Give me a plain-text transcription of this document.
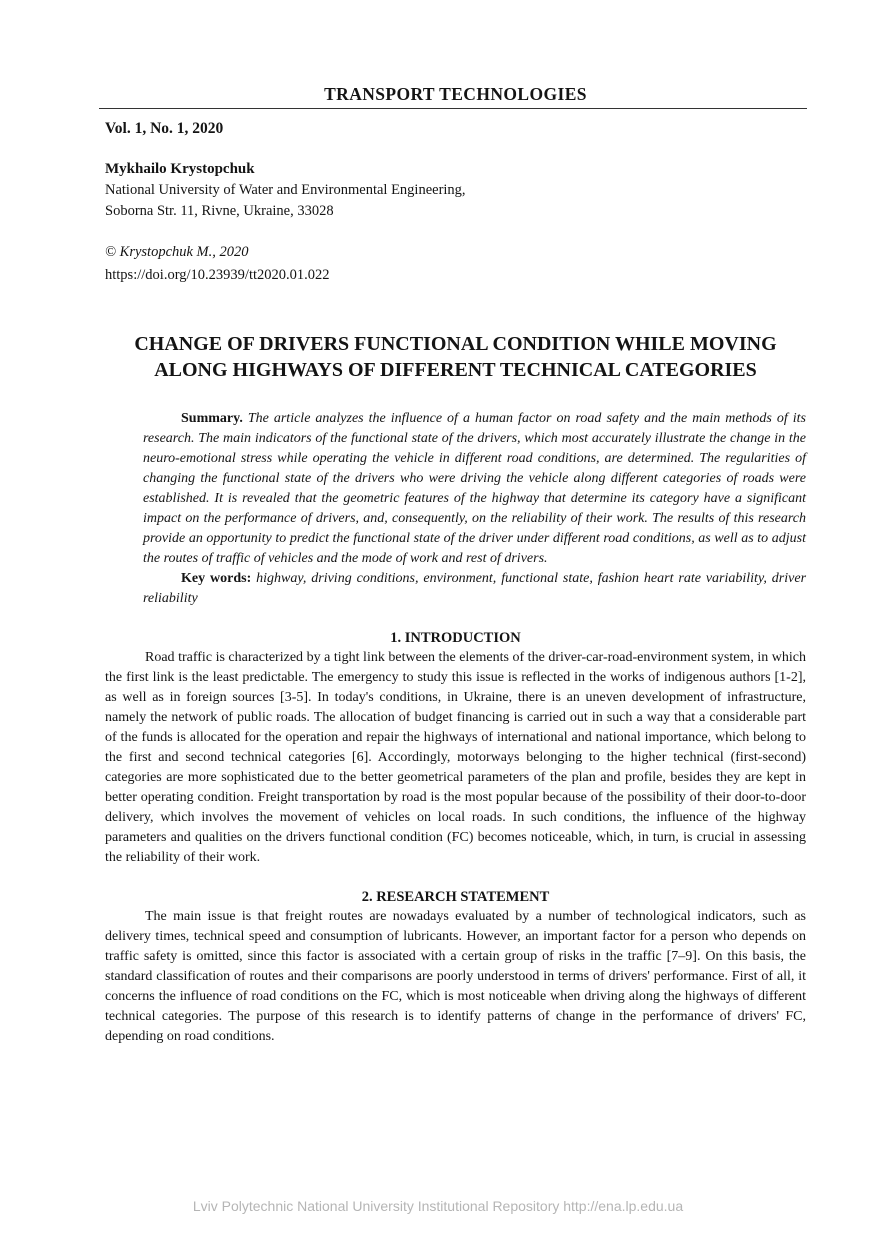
TRANSPORT TECHNOLOGIES
Vol. 1, No. 1, 2020
Mykhailo Krystopchuk
National University of Water and Environmental Engineering,
Soborna Str. 11, Rivne, Ukraine, 33028
© Krystopchuk M., 2020
https://doi.org/10.23939/tt2020.01.022
CHANGE OF DRIVERS FUNCTIONAL CONDITION WHILE MOVING ALONG HIGHWAYS OF DIFFERENT TECHNICAL CATEGORIES

Summary. The article analyzes the influence of a human factor on road safety and the main methods of its research. The main indicators of the functional state of the drivers, which most accurately illustrate the change in the neuro-emotional stress while operating the vehicle in different road conditions, are determined. The regularities of changing the functional state of the drivers who were driving the vehicle along different categories of roads were established. It is revealed that the geometric features of the highway that determine its category have a significant impact on the performance of drivers, and, consequently, on the reliability of their work. The results of this research provide an opportunity to predict the functional state of the driver under different road conditions, as well as to adjust the routes of traffic of vehicles and the mode of work and rest of drivers.

Key words: highway, driving conditions, environment, functional state, fashion heart rate variability, driver reliability

1. INTRODUCTION

Road traffic is characterized by a tight link between the elements of the driver-car-road-environment system, in which the first link is the least predictable. The emergency to study this issue is reflected in the works of indigenous authors [1-2], as well as in foreign sources [3-5]. In today's conditions, in Ukraine, there is an uneven development of infrastructure, namely the network of public roads. The allocation of budget financing is carried out in such a way that a considerable part of the funds is allocated for the operation and repair the highways of international and national importance, which belong to the first and second technical categories [6]. Accordingly, motorways belonging to the higher technical (first-second) categories are more sophisticated due to the better geometrical parameters of the plan and profile, besides they are kept in better operating condition. Freight transportation by road is the most popular because of the possibility of their door-to-door delivery, which involves the movement of vehicles on local roads. In such conditions, the influence of the highway parameters and qualities on the drivers functional condition (FC) becomes noticeable, which, in turn, is crucial in assessing the reliability of their work.

2. RESEARCH STATEMENT

The main issue is that freight routes are nowadays evaluated by a number of technological indicators, such as delivery times, technical speed and consumption of lubricants. However, an important factor for a person who depends on traffic safety is omitted, since this factor is associated with a certain group of risks in the traffic [7–9]. On this basis, the standard classification of routes and their comparisons are poorly understood in terms of drivers' performance. First of all, it concerns the influence of road conditions on the FC, which is most noticeable when driving along the highways of different technical categories. The purpose of this research is to identify patterns of change in the performance of drivers' FC, depending on road conditions.

Lviv Polytechnic National University Institutional Repository http://ena.lp.edu.ua
